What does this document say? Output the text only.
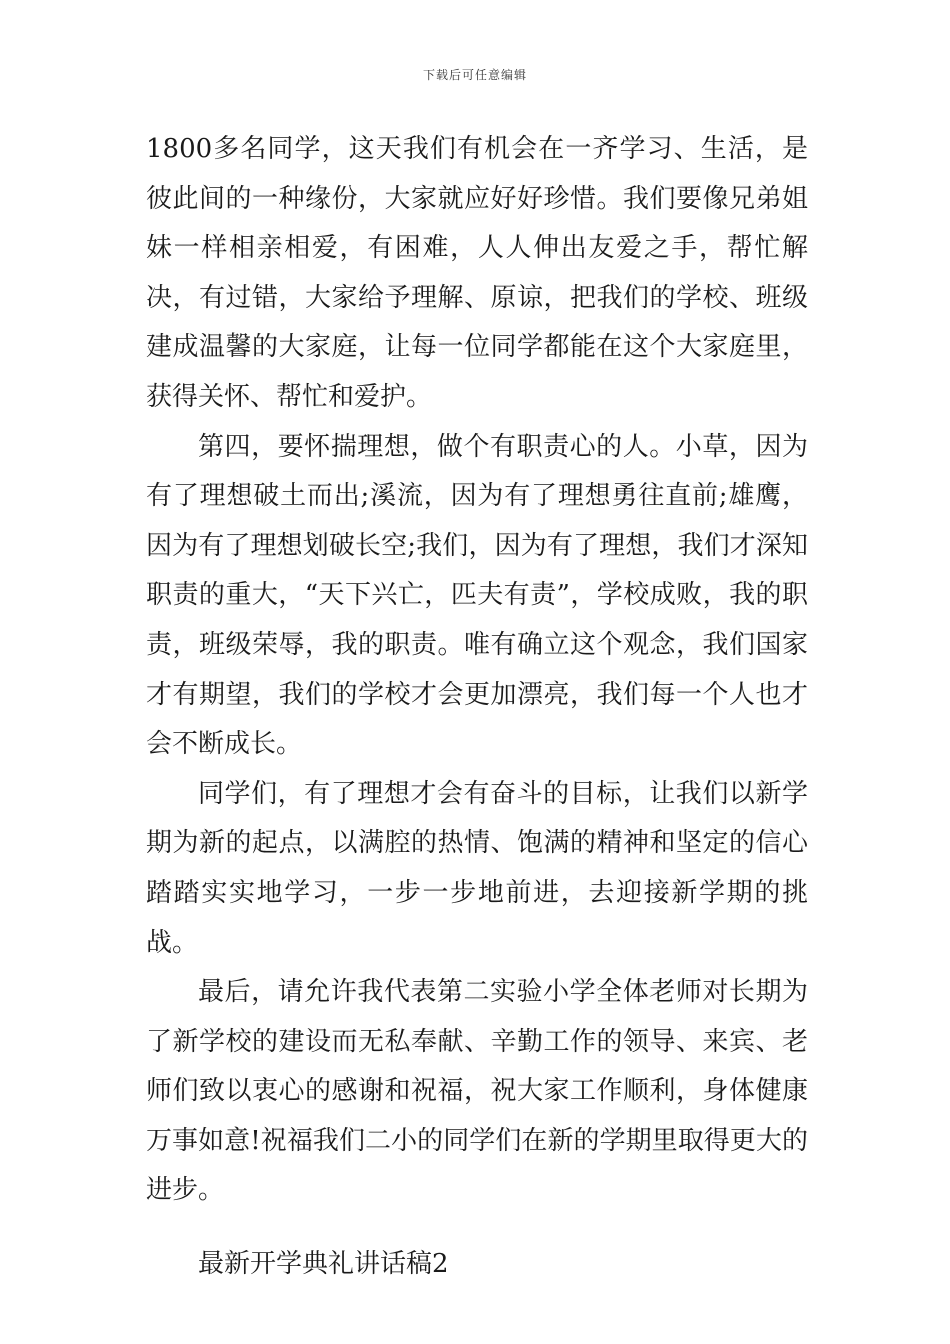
下载后可任意编辑

1800多名同学，这天我们有机会在一齐学习、生活，是彼此间的一种缘份，大家就应好好珍惜。我们要像兄弟姐妹一样相亲相爱，有困难，人人伸出友爱之手，帮忙解决，有过错，大家给予理解、原谅，把我们的学校、班级建成温馨的大家庭，让每一位同学都能在这个大家庭里，获得关怀、帮忙和爱护。

第四，要怀揣理想，做个有职责心的人。小草，因为有了理想破土而出;溪流，因为有了理想勇往直前;雄鹰，因为有了理想划破长空;我们，因为有了理想，我们才深知职责的重大，“天下兴亡，匹夫有责”，学校成败，我的职责，班级荣辱，我的职责。唯有确立这个观念，我们国家才有期望，我们的学校才会更加漂亮，我们每一个人也才会不断成长。

同学们，有了理想才会有奋斗的目标，让我们以新学期为新的起点，以满腔的热情、饱满的精神和坚定的信心踏踏实实地学习，一步一步地前进，去迎接新学期的挑战。

最后，请允许我代表第二实验小学全体老师对长期为了新学校的建设而无私奉献、辛勤工作的领导、来宾、老师们致以衷心的感谢和祝福，祝大家工作顺利，身体健康万事如意!祝福我们二小的同学们在新的学期里取得更大的进步。

最新开学典礼讲话稿2
